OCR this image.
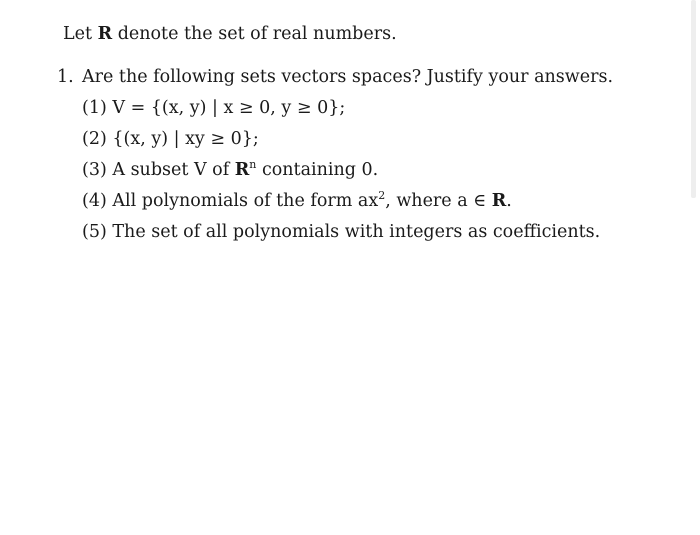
Let R denote the set of real numbers.
1. Are the following sets vectors spaces? Justify your answers.
(1) V = {(x, y) | x ≥ 0, y ≥ 0};
(2) {(x, y) | xy ≥ 0};
(3) A subset V of $R^n$ containing 0.
(4) All polynomials of the form $ax^2$, where a ∈ R.
(5) The set of all polynomials with integers as coefficients.
